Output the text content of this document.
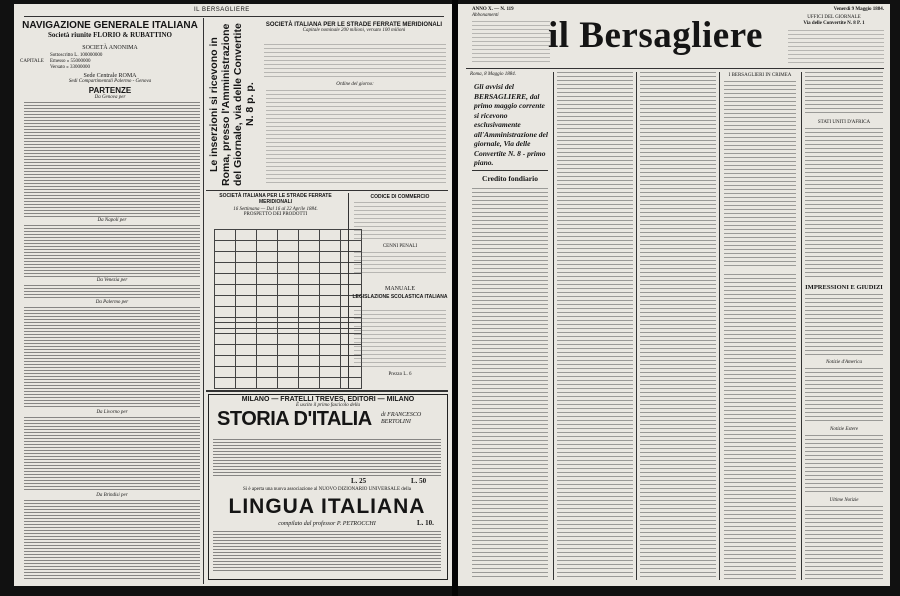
IL BERSAGLIERE
NAVIGAZIONE GENERALE ITALIANA
Società riunite FLORIO & RUBATTINO
SOCIETÀ ANONIMA
CAPITALE
Sottoscritto L. 100000000
Emesso » 55000000
Versato » 33000000
Sede Centrale ROMA
Sedi Compartimentali Palermo - Genova
PARTENZE
Da Genova per
Da Napoli per
Da Venezia per
Da Palermo per
Da Livorno per
Da Brindisi per
Le inserzioni si ricevono in Roma, presso l'Amministrazione del Giornale, via delle Convertite N. 8 p. p.
SOCIETÀ ITALIANA PER LE STRADE FERRATE MERIDIONALI
Capitale nominale 200 milioni, versato 100 milioni
Ordine del giorno:
SOCIETÀ ITALIANA PER LE STRADE FERRATE MERIDIONALI
16 Settimana — Dal 16 al 22 Aprile 1884.
PROSPETTO DEI PRODOTTI

CODICE DI COMMERCIO
CENNI PENALI
MANUALE
LEGISLAZIONE SCOLASTICA ITALIANA
Prezzo L. 6
MILANO — FRATELLI TREVES, EDITORI — MILANO
È uscito il primo fascicolo della
STORIA D'ITALIA di FRANCESCO BERTOLINI
L. 25	L. 50
Si è aperta una nuova associazione al NUOVO DIZIONARIO UNIVERSALE della
LINGUA ITALIANA
compilato dal professor P. PETROCCHI	L. 10.
ANNO X. — N. 119
Abbonamenti	il Bersagliere
Venerdì 9 Maggio 1884.
UFFICI DEL GIORNALE
Via delle Convertite N. 8 P. 1
Roma, 8 Maggio 1884.
Gli avvisi del BERSAGLIERE, dal primo maggio corrente si ricevono esclusivamente all'Amministrazione del giornale, Via delle Convertite N. 8 - primo piano.
Credito fondiario
I BERSAGLIERI IN CRIMEA
STATI UNITI D'AFRICA
IMPRESSIONI E GIUDIZI
Notizie d'America
Notizie Estere
Ultime Notizie
